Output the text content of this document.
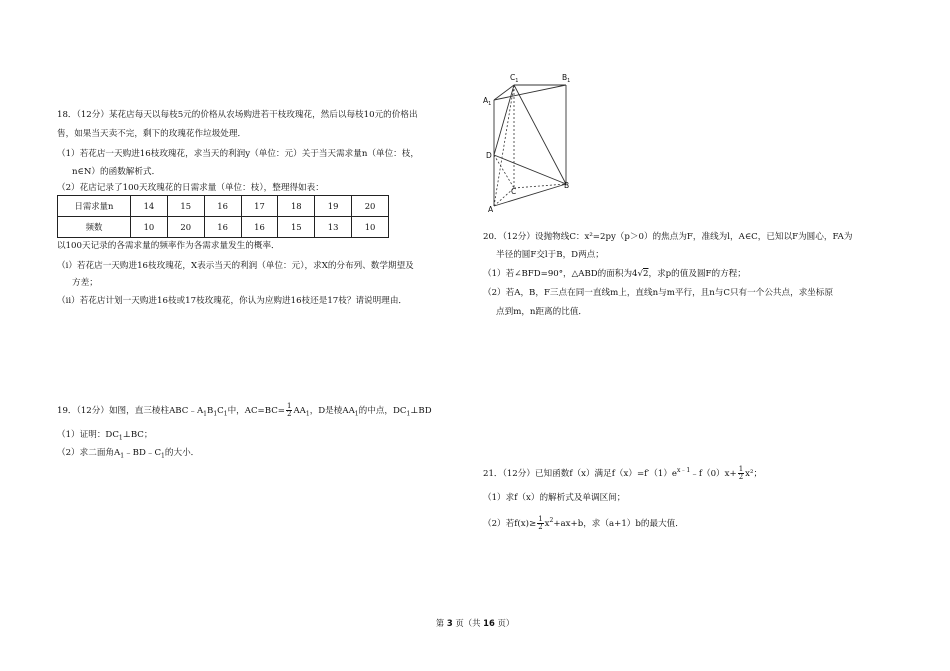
18．（12分）某花店每天以每枝5元的价格从农场购进若干枝玫瑰花，然后以每枝10元的价格出
售，如果当天卖不完，剩下的玫瑰花作垃圾处理．
（1）若花店一天购进16枝玫瑰花，求当天的利润y（单位：元）关于当天需求量n（单位：枝，
n∈N）的函数解析式．
（2）花店记录了100天玫瑰花的日需求量（单位：枝），整理得如表：
日需求量n	14	15	16	17	18	19	20
频数	10	20	16	16	15	13	10
以100天记录的各需求量的频率作为各需求量发生的概率．
（i）若花店一天购进16枝玫瑰花，X表示当天的利润（单位：元），求X的分布列、数学期望及
方差；
（ii）若花店计划一天购进16枝或17枝玫瑰花，你认为应购进16枝还是17枝？请说明理由．
19．（12分）如图，直三棱柱$ABC﹣A_1B_1C_1$中，$AC=BC= \frac{1}{2} AA_1$，D是棱$AA_1$的中点，$DC_1\perp BD$
（1）证明：$DC_1\perp BC$；
（2）求二面角$A_1﹣BD﹣C_1$的大小．
$C_1$	$B_1$
$A_1$
D
C
B
A
20．（12分）设抛物线C：x²=2py（p＞0）的焦点为F，准线为l，A∈C，已知以F为圆心，FA为
半径的圆F交l于B，D两点；
（1）若∠BFD=90°，△ABD的面积为4√2，求p的值及圆F的方程；
（2）若A，B，F三点在同一直线m上，直线n与m平行，且n与C只有一个公共点，求坐标原
点到m，n距离的比值．
21．（12分）已知函数f（x）满足$f(x)=f'(1)e^{x﹣1}﹣f(0)x+ \frac{1}{2} x^2$；
（1）求f（x）的解析式及单调区间；
（2）若$f(x)\ge \frac{1}{2} x^2+ax+b$，求（a+1）b的最大值．
第 3 页（共 16 页）
